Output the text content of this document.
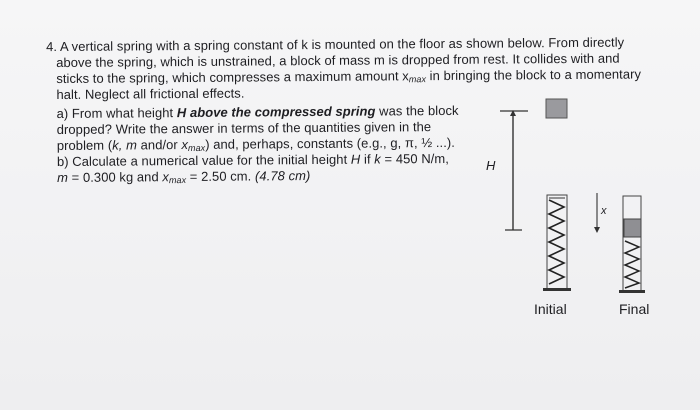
4. A vertical spring with a spring constant of k is mounted on the floor as shown below. From directly
above the spring, which is unstrained, a block of mass m is dropped from rest. It collides with and
sticks to the spring, which compresses a maximum amount xmax in bringing the block to a momentary
halt. Neglect all frictional effects.
a) From what height H above the compressed spring was the block
dropped? Write the answer in terms of the quantities given in the
problem (k, m and/or xmax) and, perhaps, constants (e.g., g, π, ½ ...).
b) Calculate a numerical value for the initial height H if k = 450 N/m,
m = 0.300 kg and xmax = 2.50 cm. (4.78 cm)
H
x
Initial	Final
